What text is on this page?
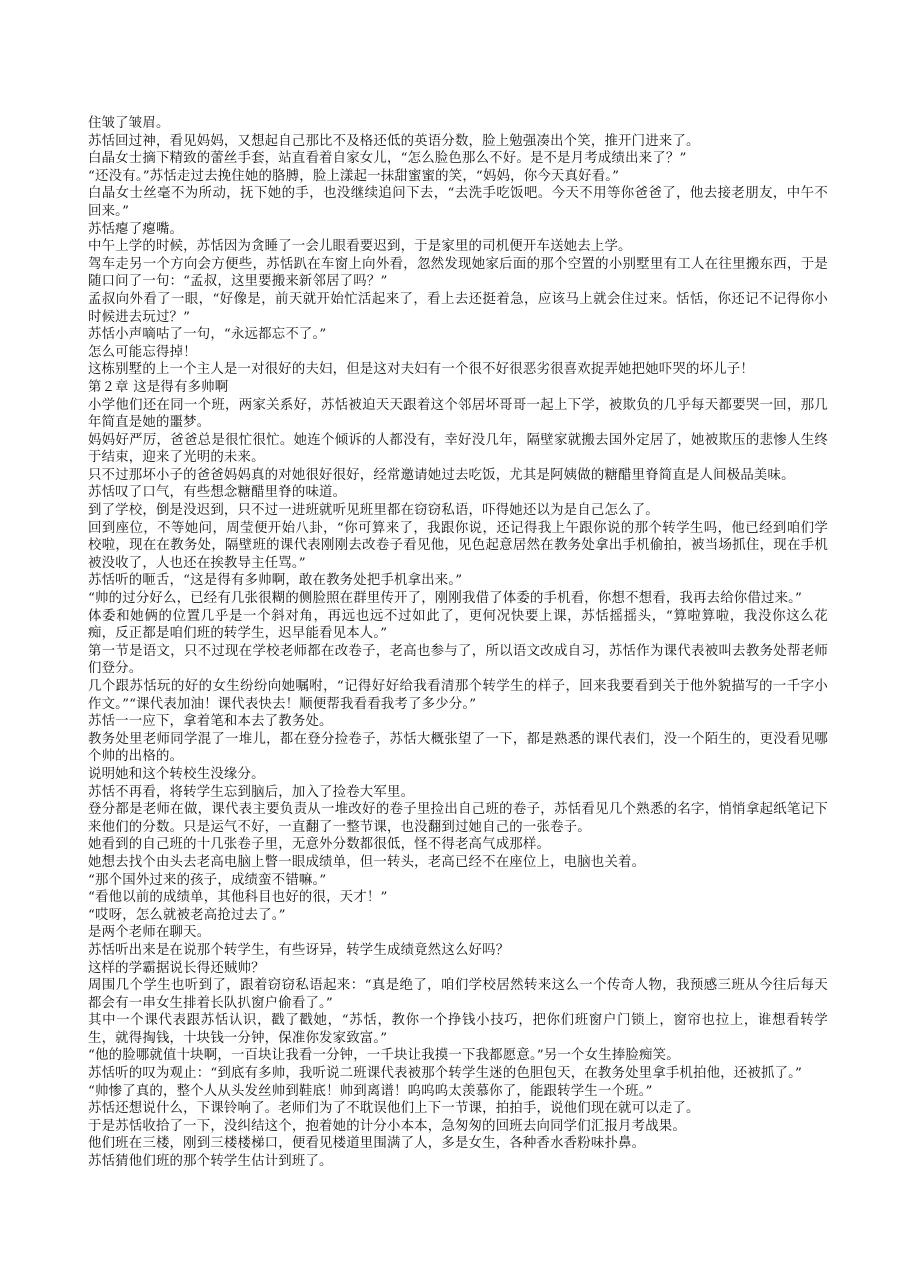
住皱了皱眉。

苏恬回过神，看见妈妈，又想起自己那比不及格还低的英语分数，脸上勉强凑出个笑，推开门进来了。

白晶女士摘下精致的蕾丝手套，站直看着自家女儿，“怎么脸色那么不好。是不是月考成绩出来了？”

“还没有。”苏恬走过去挽住她的胳膊，脸上漾起一抹甜蜜蜜的笑，“妈妈，你今天真好看。”

白晶女士丝毫不为所动，抚下她的手，也没继续追问下去，“去洗手吃饭吧。今天不用等你爸爸了，他去接老朋友，中午不回来。”

苏恬瘪了瘪嘴。

中午上学的时候，苏恬因为贪睡了一会儿眼看要迟到，于是家里的司机便开车送她去上学。

驾车走另一个方向会方便些，苏恬趴在车窗上向外看，忽然发现她家后面的那个空置的小别墅里有工人在往里搬东西，于是随口问了一句：“孟叔，这里要搬来新邻居了吗？”

孟叔向外看了一眼，“好像是，前天就开始忙活起来了，看上去还挺着急，应该马上就会住过来。恬恬，你还记不记得你小时候进去玩过？”

苏恬小声嘀咕了一句，“永远都忘不了。”

怎么可能忘得掉！

这栋别墅的上一个主人是一对很好的夫妇，但是这对夫妇有一个很不好很恶劣很喜欢捉弄她把她吓哭的坏儿子！

第２章 这是得有多帅啊

小学他们还在同一个班，两家关系好，苏恬被迫天天跟着这个邻居坏哥哥一起上下学，被欺负的几乎每天都要哭一回，那几年简直是她的噩梦。

妈妈好严厉，爸爸总是很忙很忙。她连个倾诉的人都没有，幸好没几年，隔壁家就搬去国外定居了，她被欺压的悲惨人生终于结束，迎来了光明的未来。

只不过那坏小子的爸爸妈妈真的对她很好很好，经常邀请她过去吃饭，尤其是阿姨做的糖醋里脊简直是人间极品美味。

苏恬叹了口气，有些想念糖醋里脊的味道。

到了学校，倒是没迟到，只不过一进班就听见班里都在窃窃私语，吓得她还以为是自己怎么了。

回到座位，不等她问，周莹便开始八卦，“你可算来了，我跟你说，还记得我上午跟你说的那个转学生吗，他已经到咱们学校啦，现在在教务处，隔壁班的课代表刚刚去改卷子看见他，见色起意居然在教务处拿出手机偷拍，被当场抓住，现在手机被没收了，人也还在挨教导主任骂。”

苏恬听的咂舌，“这是得有多帅啊，敢在教务处把手机拿出来。”

“帅的过分好么，已经有几张很糊的侧脸照在群里传开了，刚刚我借了体委的手机看，你想不想看，我再去给你借过来。”

体委和她俩的位置几乎是一个斜对角，再远也远不过如此了，更何况快要上课，苏恬摇摇头，“算啦算啦，我没你这么花痴，反正都是咱们班的转学生，迟早能看见本人。”

第一节是语文，只不过现在学校老师都在改卷子，老高也参与了，所以语文改成自习，苏恬作为课代表被叫去教务处帮老师们登分。

几个跟苏恬玩的好的女生纷纷向她嘱咐，“记得好好给我看清那个转学生的样子，回来我要看到关于他外貌描写的一千字小作文。”“课代表加油！课代表快去！顺便帮我看看我考了多少分。”

苏恬一一应下，拿着笔和本去了教务处。

教务处里老师同学混了一堆儿，都在登分捡卷子，苏恬大概张望了一下，都是熟悉的课代表们，没一个陌生的，更没看见哪个帅的出格的。

说明她和这个转校生没缘分。

苏恬不再看，将转学生忘到脑后，加入了捡卷大军里。

登分都是老师在做，课代表主要负责从一堆改好的卷子里捡出自己班的卷子，苏恬看见几个熟悉的名字，悄悄拿起纸笔记下来他们的分数。只是运气不好，一直翻了一整节课，也没翻到过她自己的一张卷子。

她看到的自己班的十几张卷子里，无意外分数都很低，怪不得老高气成那样。

她想去找个由头去老高电脑上瞥一眼成绩单，但一转头，老高已经不在座位上，电脑也关着。

“那个国外过来的孩子，成绩蛮不错嘛。”

“看他以前的成绩单，其他科目也好的很，天才！”

“哎呀，怎么就被老高抢过去了。”

是两个老师在聊天。

苏恬听出来是在说那个转学生，有些讶异，转学生成绩竟然这么好吗？

这样的学霸据说长得还贼帅？

周围几个学生也听到了，跟着窃窃私语起来：“真是绝了，咱们学校居然转来这么一个传奇人物，我预感三班从今往后每天都会有一串女生排着长队扒窗户偷看了。”

其中一个课代表跟苏恬认识，戳了戳她，“苏恬，教你一个挣钱小技巧，把你们班窗户门锁上，窗帘也拉上，谁想看转学生，就得掏钱，十块钱一分钟，保准你发家致富。”

“他的脸哪就值十块啊，一百块让我看一分钟，一千块让我摸一下我都愿意。”另一个女生捧脸痴笑。

苏恬听的叹为观止：“到底有多帅，我听说二班课代表被那个转学生迷的色胆包天，在教务处里拿手机拍他，还被抓了。”

“帅惨了真的，整个人从头发丝帅到鞋底！帅到离谱！呜呜呜太羡慕你了，能跟转学生一个班。”

苏恬还想说什么，下课铃响了。老师们为了不耽误他们上下一节课，拍拍手，说他们现在就可以走了。

于是苏恬收拾了一下，没纠结这个，抱着她的计分小本本，急匆匆的回班去向同学们汇报月考战果。

他们班在三楼，刚到三楼楼梯口，便看见楼道里围满了人，多是女生，各种香水香粉味扑鼻。

苏恬猜他们班的那个转学生估计到班了。
